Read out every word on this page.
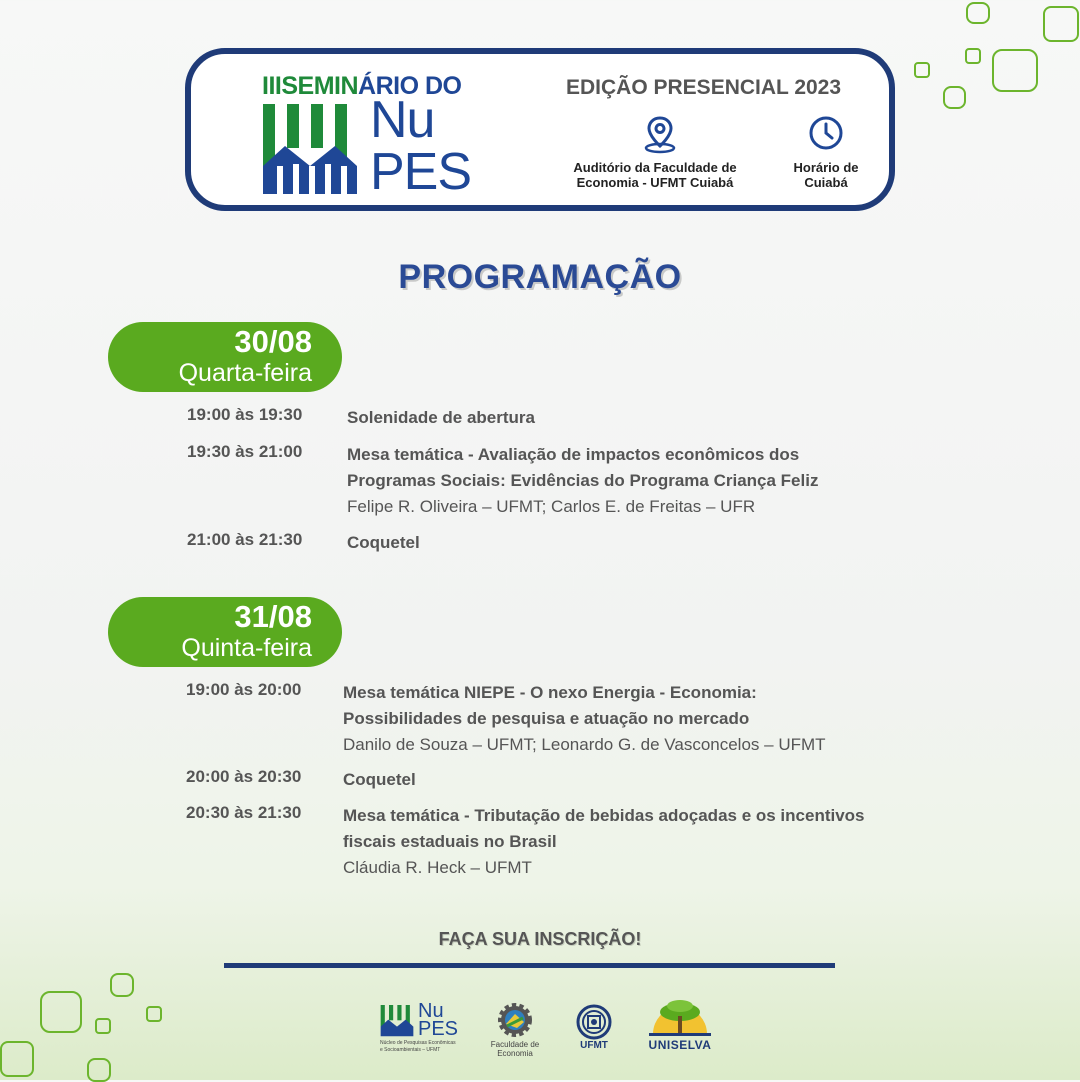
IIISEMINÁRIO DO
Nu
PES
EDIÇÃO PRESENCIAL 2023
Auditório da Faculdade de
Economia - UFMT Cuiabá
Horário de
Cuiabá
PROGRAMAÇÃO
30/08
Quarta-feira
19:00 às 19:30	Solenidade de abertura
19:30 às 21:00	Mesa temática - Avaliação de impactos econômicos dos
Programas Sociais: Evidências do Programa Criança Feliz
Felipe R. Oliveira – UFMT; Carlos E. de Freitas – UFR
21:00 às 21:30	Coquetel
31/08
Quinta-feira
19:00 às 20:00 Mesa temática NIEPE - O nexo Energia - Economia:
Possibilidades de pesquisa e atuação no mercado
Danilo de Souza – UFMT; Leonardo G. de Vasconcelos – UFMT
20:00 às 20:30 Coquetel
20:30 às 21:30 Mesa temática - Tributação de bebidas adoçadas e os incentivos
fiscais estaduais no Brasil
Cláudia R. Heck – UFMT
FAÇA SUA INSCRIÇÃO!
Nu
PES
Núcleo de Pesquisas Econômicas
e Socioambientais – UFMT
Faculdade de
Economia
UFMT	UNISELVA
